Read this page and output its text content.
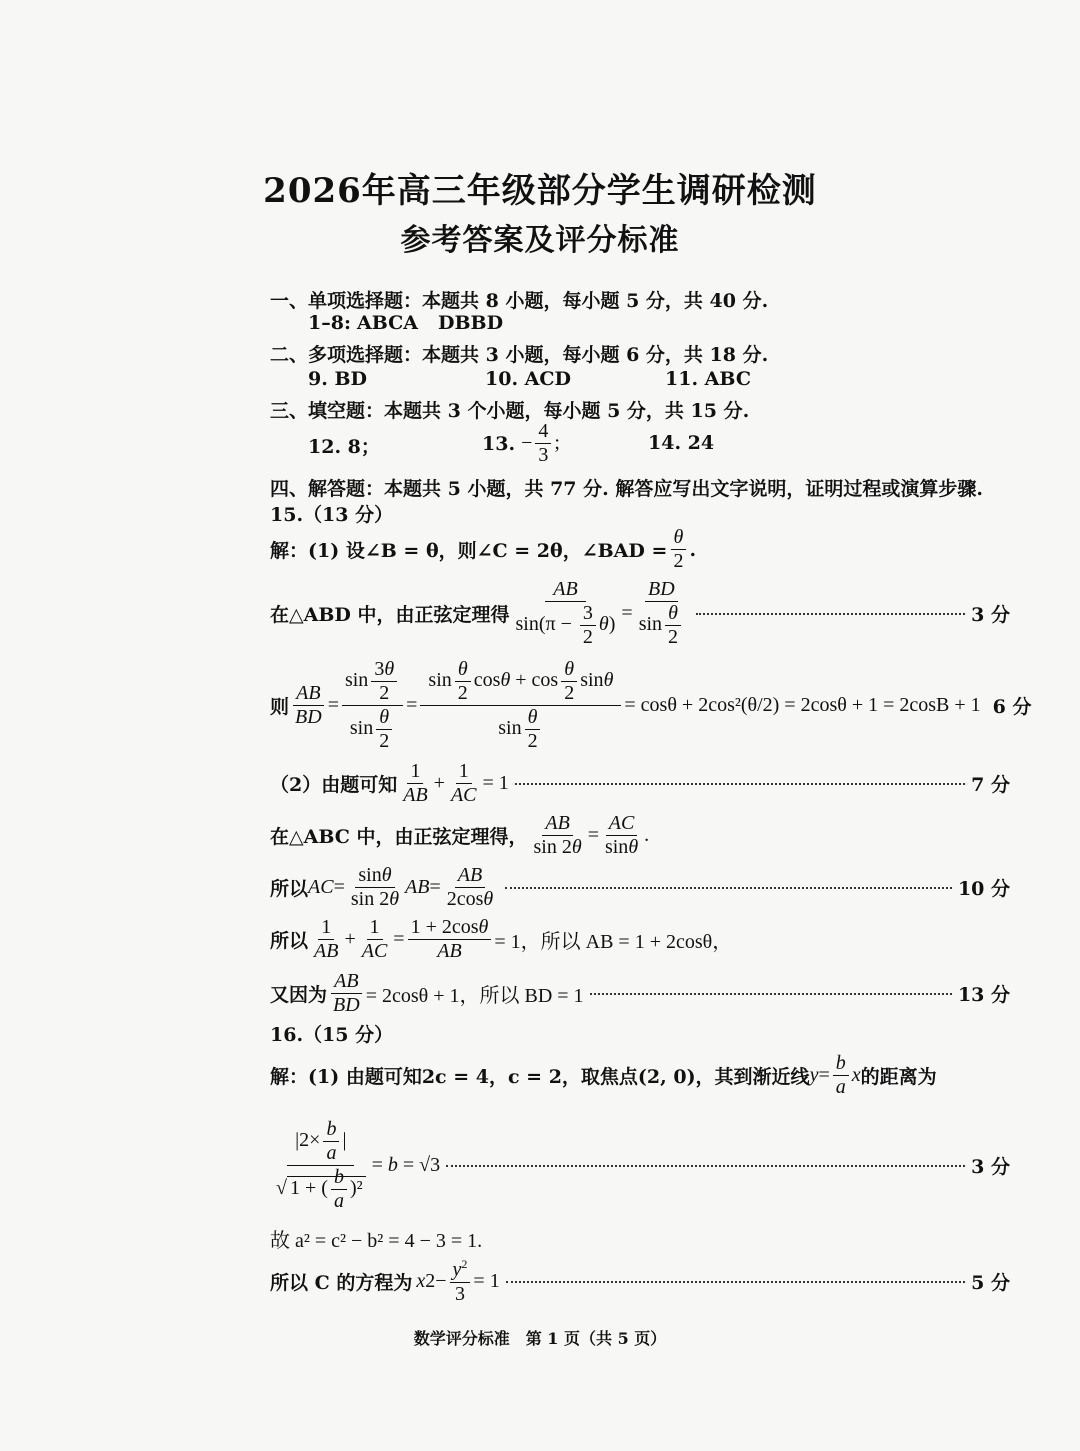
2026年高三年级部分学生调研检测
参考答案及评分标准
一、单项选择题：本题共 8 小题，每小题 5 分，共 40 分.
1–8: ABCA DBBD
二、多项选择题：本题共 3 小题，每小题 6 分，共 18 分.
9. BD	10. ACD	11. ABC
三、填空题：本题共 3 个小题，每小题 5 分，共 15 分.
12. 8；	13. − $\frac{4}{3}$ ;	14. 24
四、解答题：本题共 5 小题，共 77 分. 解答应写出文字说明，证明过程或演算步骤.
15.（13 分）
解：(1) 设∠B = θ，则∠C = 2θ，∠BAD = $\frac{\theta}{2}$ .
在△ABD 中，由正弦定理得 $\frac{AB}{\sin(\pi - \frac{3}{2} \theta)} = \frac{BD}{\sin \frac{\theta}{2}}$	3 分
则 $\frac{AB}{BD} = \frac{\sin \frac{3\theta}{2}}{\sin \frac{\theta}{2}} = \frac{\sin \frac{\theta}{2} \cos\theta + \cos \frac{\theta}{2} \sin\theta}{\sin \frac{\theta}{2}} = \cos\theta + 2\cos^2(\theta/2) = 2\cos\theta + 1 = 2\cos B + 1$ 6 分
（2）由题可知 $\frac{1}{AB} + \frac{1}{AC} = 1$	7 分
在△ABC 中，由正弦定理得， $\frac{AB}{\sin 2\theta} = \frac{AC}{\sin\theta}$ .
所以 AC = $\frac{\sin\theta}{\sin 2\theta}$ AB = $\frac{AB}{2\cos\theta}$	10 分
所以 $\frac{1}{AB} + \frac{1}{AC} = \frac{1 + 2\cos\theta}{AB} = 1$，所以 AB = 1 + 2cosθ，
又因为 $\frac{AB}{BD} = 2\cos\theta + 1$，所以 BD = 1	13 分
16.（15 分）
解：(1) 由题可知2c = 4，c = 2，取焦点(2, 0)，其到渐近线 $y = \frac{b}{a}$ x 的距离为
$\frac{|2\times \frac{b}{a} |}{√ 1 + ( \frac{b}{a} )^2} = b = √3$	3 分
故 a² = c² − b² = 4 − 3 = 1.
所以 C 的方程为 x $2 - \frac{y^2}{3} = 1$	5 分
数学评分标准　第 1 页（共 5 页）
